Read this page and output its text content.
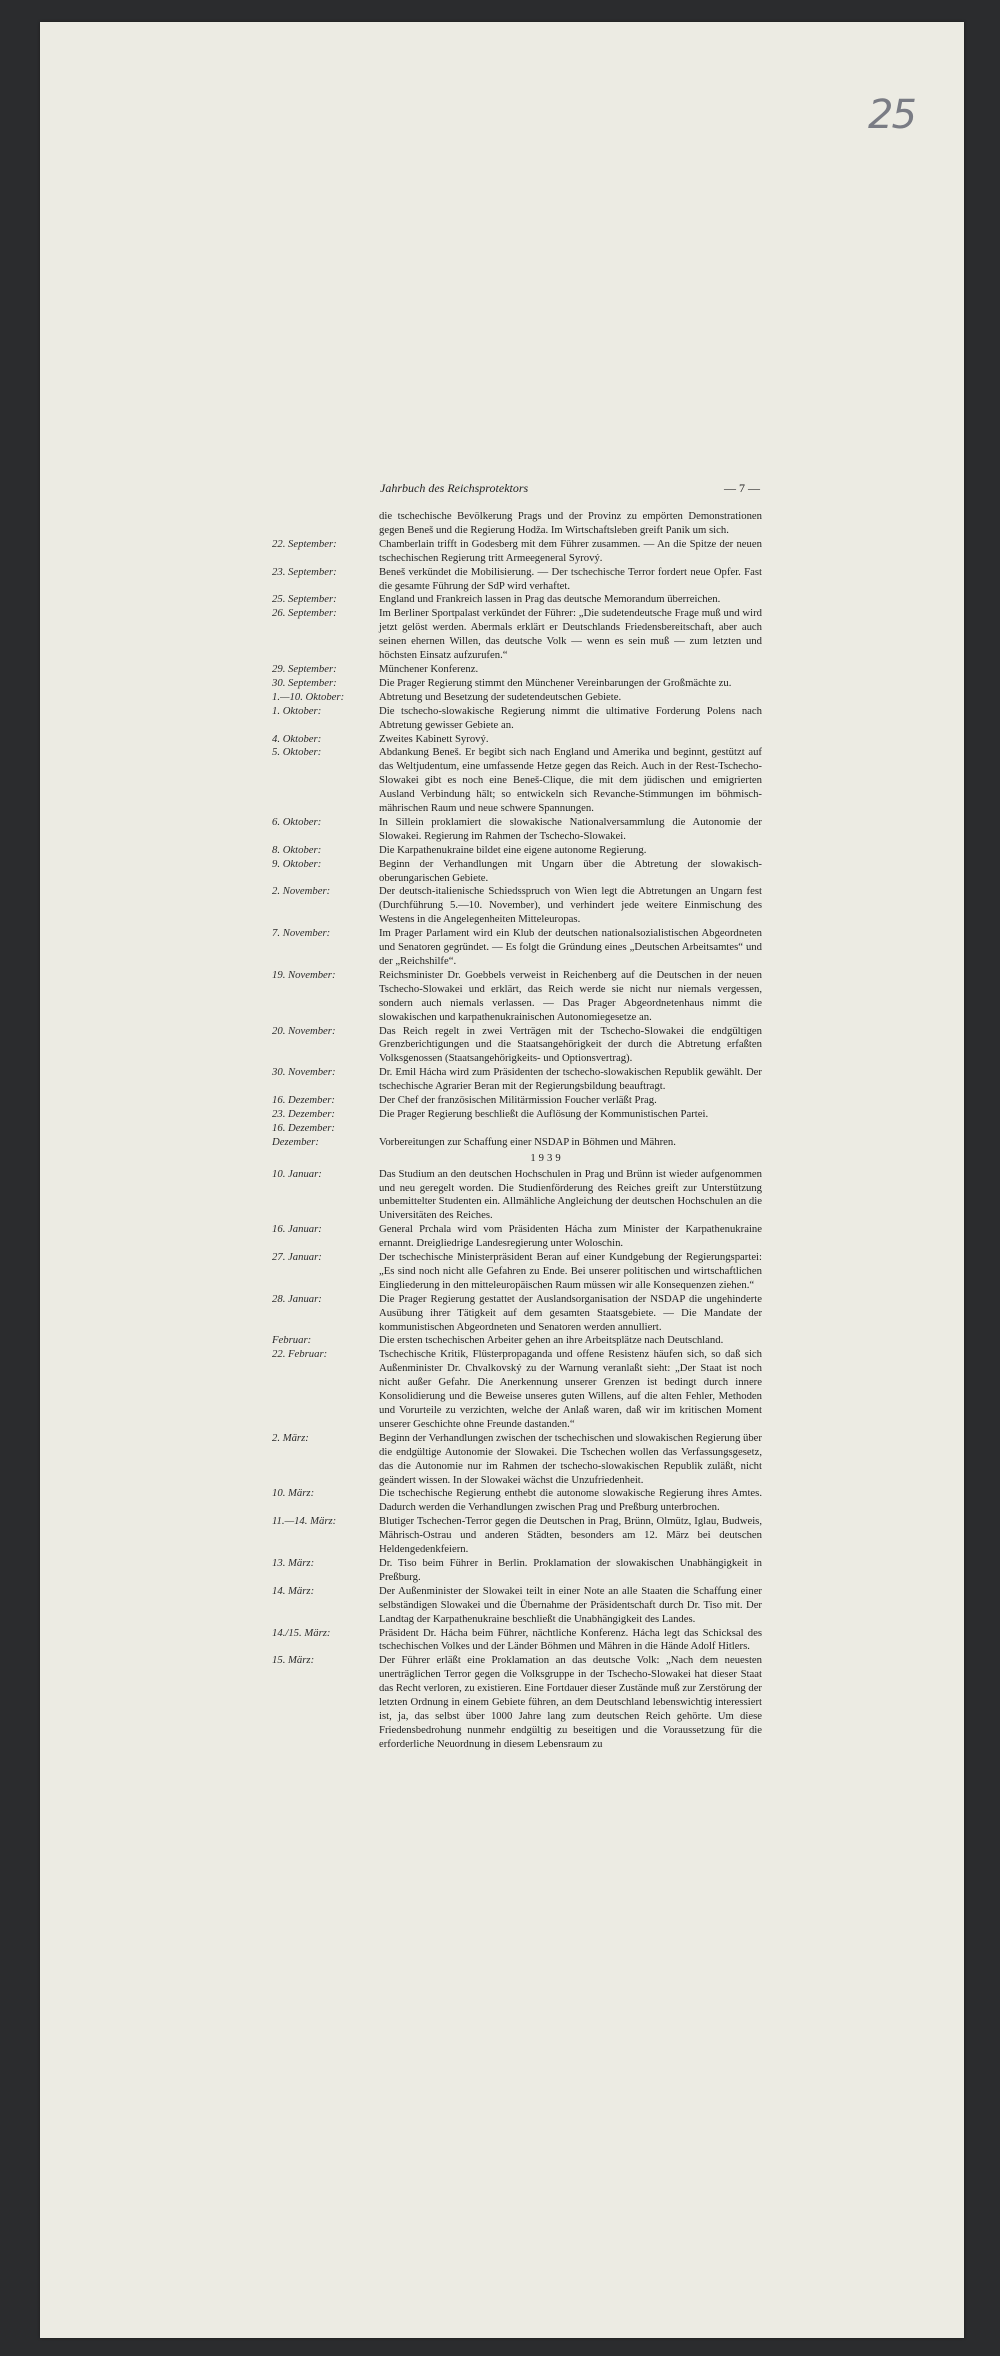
25
Jahrbuch des Reichsprotektors	— 7 —
die tschechische Bevölkerung Prags und der Provinz zu empörten Demonstrationen gegen Beneš und die Regierung Hodža. Im Wirtschaftsleben greift Panik um sich.
22. September:	Chamberlain trifft in Godesberg mit dem Führer zusammen. — An die Spitze der neuen tschechischen Regierung tritt Armeegeneral Syrový.
23. September:	Beneš verkündet die Mobilisierung. — Der tschechische Terror fordert neue Opfer. Fast die gesamte Führung der SdP wird verhaftet.
25. September:	England und Frankreich lassen in Prag das deutsche Memorandum überreichen.
26. September:	Im Berliner Sportpalast verkündet der Führer: „Die sudetendeutsche Frage muß und wird jetzt gelöst werden. Abermals erklärt er Deutschlands Friedensbereitschaft, aber auch seinen ehernen Willen, das deutsche Volk — wenn es sein muß — zum letzten und höchsten Einsatz aufzurufen.“
29. September:	Münchener Konferenz.
30. September:	Die Prager Regierung stimmt den Münchener Vereinbarungen der Großmächte zu.
1.—10. Oktober:	Abtretung und Besetzung der sudetendeutschen Gebiete.
1. Oktober:	Die tschecho-slowakische Regierung nimmt die ultimative Forderung Polens nach Abtretung gewisser Gebiete an.
4. Oktober:	Zweites Kabinett Syrový.
5. Oktober:	Abdankung Beneš. Er begibt sich nach England und Amerika und beginnt, gestützt auf das Weltjudentum, eine umfassende Hetze gegen das Reich. Auch in der Rest-Tschecho-Slowakei gibt es noch eine Beneš-Clique, die mit dem jüdischen und emigrierten Ausland Verbindung hält; so entwickeln sich Revanche-Stimmungen im böhmisch-mährischen Raum und neue schwere Spannungen.
6. Oktober:	In Sillein proklamiert die slowakische Nationalversammlung die Autonomie der Slowakei. Regierung im Rahmen der Tschecho-Slowakei.
8. Oktober:	Die Karpathenukraine bildet eine eigene autonome Regierung.
9. Oktober:	Beginn der Verhandlungen mit Ungarn über die Abtretung der slowakisch-oberungarischen Gebiete.
2. November:	Der deutsch-italienische Schiedsspruch von Wien legt die Abtretungen an Ungarn fest (Durchführung 5.—10. November), und verhindert jede weitere Einmischung des Westens in die Angelegenheiten Mitteleuropas.
7. November:	Im Prager Parlament wird ein Klub der deutschen nationalsozialistischen Abgeordneten und Senatoren gegründet. — Es folgt die Gründung eines „Deutschen Arbeitsamtes“ und der „Reichshilfe“.
19. November:	Reichsminister Dr. Goebbels verweist in Reichenberg auf die Deutschen in der neuen Tschecho-Slowakei und erklärt, das Reich werde sie nicht nur niemals vergessen, sondern auch niemals verlassen. — Das Prager Abgeordnetenhaus nimmt die slowakischen und karpathenukrainischen Autonomiegesetze an.
20. November:	Das Reich regelt in zwei Verträgen mit der Tschecho-Slowakei die endgültigen Grenzberichtigungen und die Staatsangehörigkeit der durch die Abtretung erfaßten Volksgenossen (Staatsangehörigkeits- und Optionsvertrag).
30. November:	Dr. Emil Hácha wird zum Präsidenten der tschecho-slowakischen Republik gewählt. Der tschechische Agrarier Beran mit der Regierungsbildung beauftragt.
16. Dezember:	Der Chef der französischen Militärmission Foucher verläßt Prag.
23. Dezember:	Die Prager Regierung beschließt die Auflösung der Kommunistischen Partei.
16. Dezember:
Dezember:	Vorbereitungen zur Schaffung einer NSDAP in Böhmen und Mähren.
1939
10. Januar:	Das Studium an den deutschen Hochschulen in Prag und Brünn ist wieder aufgenommen und neu geregelt worden. Die Studienförderung des Reiches greift zur Unterstützung unbemittelter Studenten ein. Allmähliche Angleichung der deutschen Hochschulen an die Universitäten des Reiches.
16. Januar:	General Prchala wird vom Präsidenten Hácha zum Minister der Karpathenukraine ernannt. Dreigliedrige Landesregierung unter Woloschin.
27. Januar:	Der tschechische Ministerpräsident Beran auf einer Kundgebung der Regierungspartei: „Es sind noch nicht alle Gefahren zu Ende. Bei unserer politischen und wirtschaftlichen Eingliederung in den mitteleuropäischen Raum müssen wir alle Konsequenzen ziehen.“
28. Januar:	Die Prager Regierung gestattet der Auslandsorganisation der NSDAP die ungehinderte Ausübung ihrer Tätigkeit auf dem gesamten Staatsgebiete. — Die Mandate der kommunistischen Abgeordneten und Senatoren werden annulliert.
Februar:	Die ersten tschechischen Arbeiter gehen an ihre Arbeitsplätze nach Deutschland.
22. Februar:	Tschechische Kritik, Flüsterpropaganda und offene Resistenz häufen sich, so daß sich Außenminister Dr. Chvalkovský zu der Warnung veranlaßt sieht: „Der Staat ist noch nicht außer Gefahr. Die Anerkennung unserer Grenzen ist bedingt durch innere Konsolidierung und die Beweise unseres guten Willens, auf die alten Fehler, Methoden und Vorurteile zu verzichten, welche der Anlaß waren, daß wir im kritischen Moment unserer Geschichte ohne Freunde dastanden.“
2. März:	Beginn der Verhandlungen zwischen der tschechischen und slowakischen Regierung über die endgültige Autonomie der Slowakei. Die Tschechen wollen das Verfassungsgesetz, das die Autonomie nur im Rahmen der tschecho-slowakischen Republik zuläßt, nicht geändert wissen. In der Slowakei wächst die Unzufriedenheit.
10. März:	Die tschechische Regierung enthebt die autonome slowakische Regierung ihres Amtes. Dadurch werden die Verhandlungen zwischen Prag und Preßburg unterbrochen.
11.—14. März:	Blutiger Tschechen-Terror gegen die Deutschen in Prag, Brünn, Olmütz, Iglau, Budweis, Mährisch-Ostrau und anderen Städten, besonders am 12. März bei deutschen Heldengedenkfeiern.
13. März:	Dr. Tiso beim Führer in Berlin. Proklamation der slowakischen Unabhängigkeit in Preßburg.
14. März:	Der Außenminister der Slowakei teilt in einer Note an alle Staaten die Schaffung einer selbständigen Slowakei und die Übernahme der Präsidentschaft durch Dr. Tiso mit. Der Landtag der Karpathenukraine beschließt die Unabhängigkeit des Landes.
14./15. März:	Präsident Dr. Hácha beim Führer, nächtliche Konferenz. Hácha legt das Schicksal des tschechischen Volkes und der Länder Böhmen und Mähren in die Hände Adolf Hitlers.
15. März:	Der Führer erläßt eine Proklamation an das deutsche Volk: „Nach dem neuesten unerträglichen Terror gegen die Volksgruppe in der Tschecho-Slowakei hat dieser Staat das Recht verloren, zu existieren. Eine Fortdauer dieser Zustände muß zur Zerstörung der letzten Ordnung in einem Gebiete führen, an dem Deutschland lebenswichtig interessiert ist, ja, das selbst über 1000 Jahre lang zum deutschen Reich gehörte. Um diese Friedensbedrohung nunmehr endgültig zu beseitigen und die Voraussetzung für die erforderliche Neuordnung in diesem Lebensraum zu
